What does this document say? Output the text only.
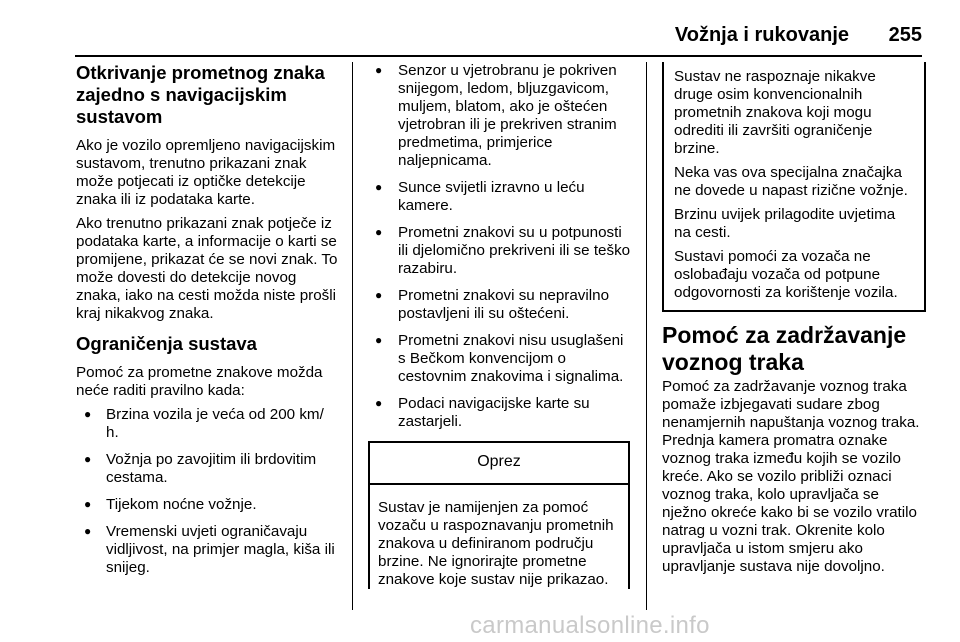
Vožnja i rukovanje 255
Otkrivanje prometnog znaka zajedno s navigacijskim sustavom

Ako je vozilo opremljeno navigacijskim sustavom, trenutno prikazani znak može potjecati iz optičke detekcije znaka ili iz podataka karte.

Ako trenutno prikazani znak potječe iz podataka karte, a informacije o karti se promijene, prikazat će se novi znak. To može dovesti do detekcije novog znaka, iako na cesti možda niste prošli kraj nikakvog znaka.

Ograničenja sustava

Pomoć za prometne znakove možda neće raditi pravilno kada:

● Brzina vozila je veća od 200 km/ h.
● Vožnja po zavojitim ili brdovitim cestama.
● Tijekom noćne vožnje.
● Vremenski uvjeti ograničavaju vidljivost, na primjer magla, kiša ili snijeg.
● Senzor u vjetrobranu je pokriven snijegom, ledom, bljuzgavicom, muljem, blatom, ako je oštećen vjetrobran ili je prekriven stranim predmetima, primjerice naljepnicama.
● Sunce svijetli izravno u leću kamere.
● Prometni znakovi su u potpunosti ili djelomično prekriveni ili se teško razabiru.
● Prometni znakovi su nepravilno postavljeni ili su oštećeni.
● Prometni znakovi nisu usuglašeni s Bečkom konvencijom o cestovnim znakovima i signalima.
● Podaci navigacijske karte su zastarjeli.
Oprez
Sustav je namijenjen za pomoć vozaču u raspoznavanju prometnih znakova u definiranom području brzine. Ne ignorirajte prometne znakove koje sustav nije prikazao.

Sustav ne raspoznaje nikakve druge osim konvencionalnih prometnih znakova koji mogu odrediti ili završiti ograničenje brzine.

Neka vas ova specijalna značajka ne dovede u napast rizične vožnje.

Brzinu uvijek prilagodite uvjetima na cesti.

Sustavi pomoći za vozača ne oslobađaju vozača od potpune odgovornosti za korištenje vozila.

Pomoć za zadržavanje voznog traka

Pomoć za zadržavanje voznog traka pomaže izbjegavati sudare zbog nenamjernih napuštanja voznog traka. Prednja kamera promatra oznake voznog traka između kojih se vozilo kreće. Ako se vozilo približi oznaci voznog traka, kolo upravljača se nježno okreće kako bi se vozilo vratilo natrag u vozni trak. Okrenite kolo upravljača u istom smjeru ako upravljanje sustava nije dovoljno.

carmanualsonline.info
